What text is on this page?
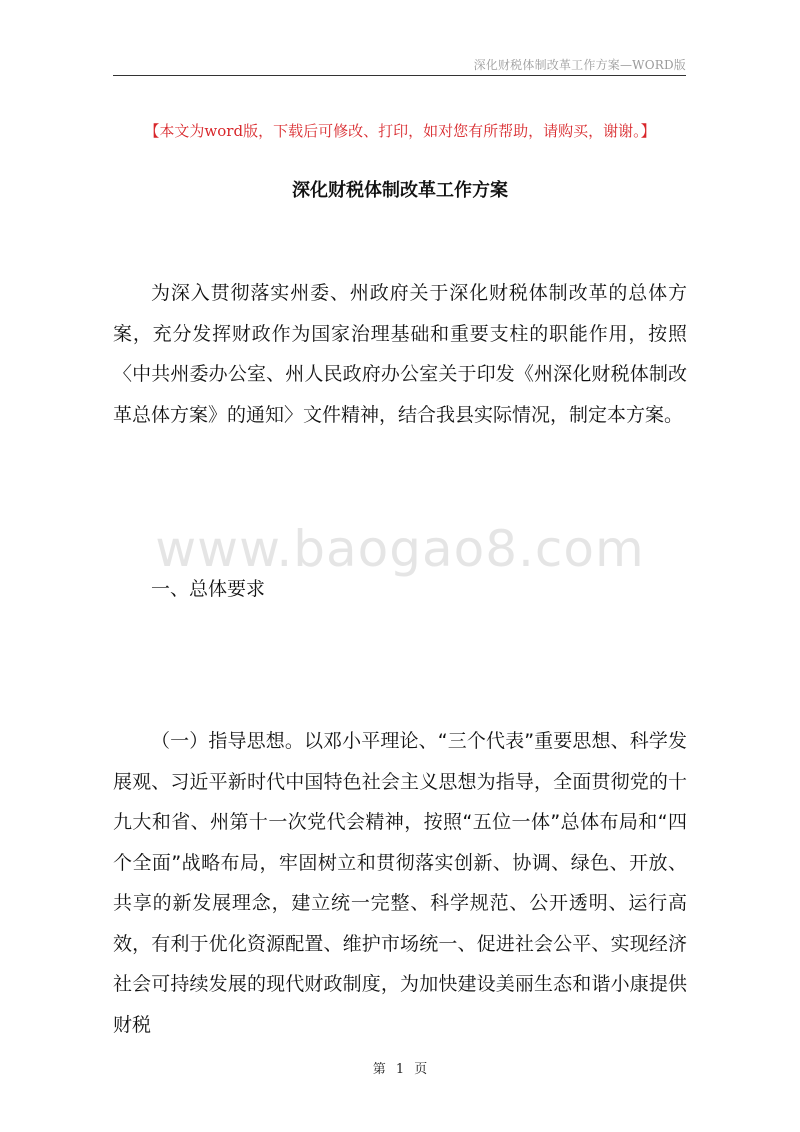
深化财税体制改革工作方案—WORD版
【本文为word版，下载后可修改、打印，如对您有所帮助，请购买，谢谢。】
深化财税体制改革工作方案

为深入贯彻落实州委、州政府关于深化财税体制改革的总体方案，充分发挥财政作为国家治理基础和重要支柱的职能作用，按照〈中共州委办公室、州人民政府办公室关于印发《州深化财税体制改革总体方案》的通知〉文件精神，结合我县实际情况，制定本方案。

www.baogao8.com
一、总体要求

（一）指导思想。以邓小平理论、“三个代表”重要思想、科学发展观、习近平新时代中国特色社会主义思想为指导，全面贯彻党的十九大和省、州第十一次党代会精神，按照“五位一体”总体布局和“四个全面”战略布局，牢固树立和贯彻落实创新、协调、绿色、开放、共享的新发展理念，建立统一完整、科学规范、公开透明、运行高效，有利于优化资源配置、维护市场统一、促进社会公平、实现经济社会可持续发展的现代财政制度，为加快建设美丽生态和谐小康提供财税

第 1 页
